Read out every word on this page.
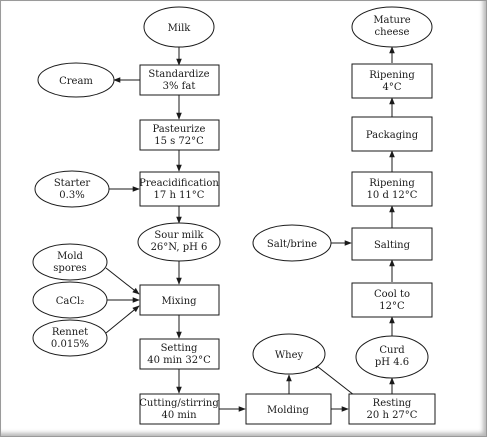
Milk
Standardize
3% fat
Cream
Pasteurize
15 s 72°C
Starter
0.3%
Preacidification
17 h 11°C
Sour milk
26°N, pH 6
Mold
spores
CaCl₂
Rennet
0.015%
Mixing
Setting
40 min 32°C
Cutting/stirring
40 min	Molding
Whey
Resting
20 h 27°C
Curd
pH 4.6
Cool to
12°C
Salting
Salt/brine
Ripening
10 d 12°C
Packaging
Ripening
4°C
Mature
cheese
